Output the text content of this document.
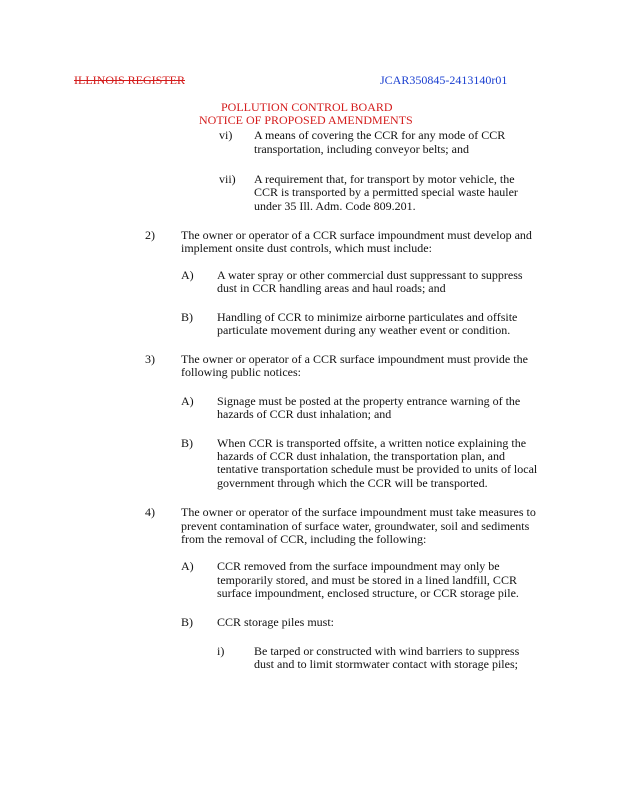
ILLINOIS REGISTER	JCAR350845-2413140r01
POLLUTION CONTROL BOARD
NOTICE OF PROPOSED AMENDMENTS
vi) A means of covering the CCR for any mode of CCR
transportation, including conveyor belts; and
vii) A requirement that, for transport by motor vehicle, the
CCR is transported by a permitted special waste hauler
under 35 Ill. Adm. Code 809.201.
2) The owner or operator of a CCR surface impoundment must develop and
implement onsite dust controls, which must include:
A) A water spray or other commercial dust suppressant to suppress
dust in CCR handling areas and haul roads; and
B) Handling of CCR to minimize airborne particulates and offsite
particulate movement during any weather event or condition.
3) The owner or operator of a CCR surface impoundment must provide the
following public notices:
A) Signage must be posted at the property entrance warning of the
hazards of CCR dust inhalation; and
B) When CCR is transported offsite, a written notice explaining the
hazards of CCR dust inhalation, the transportation plan, and
tentative transportation schedule must be provided to units of local
government through which the CCR will be transported.
4) The owner or operator of the surface impoundment must take measures to
prevent contamination of surface water, groundwater, soil and sediments
from the removal of CCR, including the following:
A) CCR removed from the surface impoundment may only be
temporarily stored, and must be stored in a lined landfill, CCR
surface impoundment, enclosed structure, or CCR storage pile.
B) CCR storage piles must:
i) Be tarped or constructed with wind barriers to suppress
dust and to limit stormwater contact with storage piles;
